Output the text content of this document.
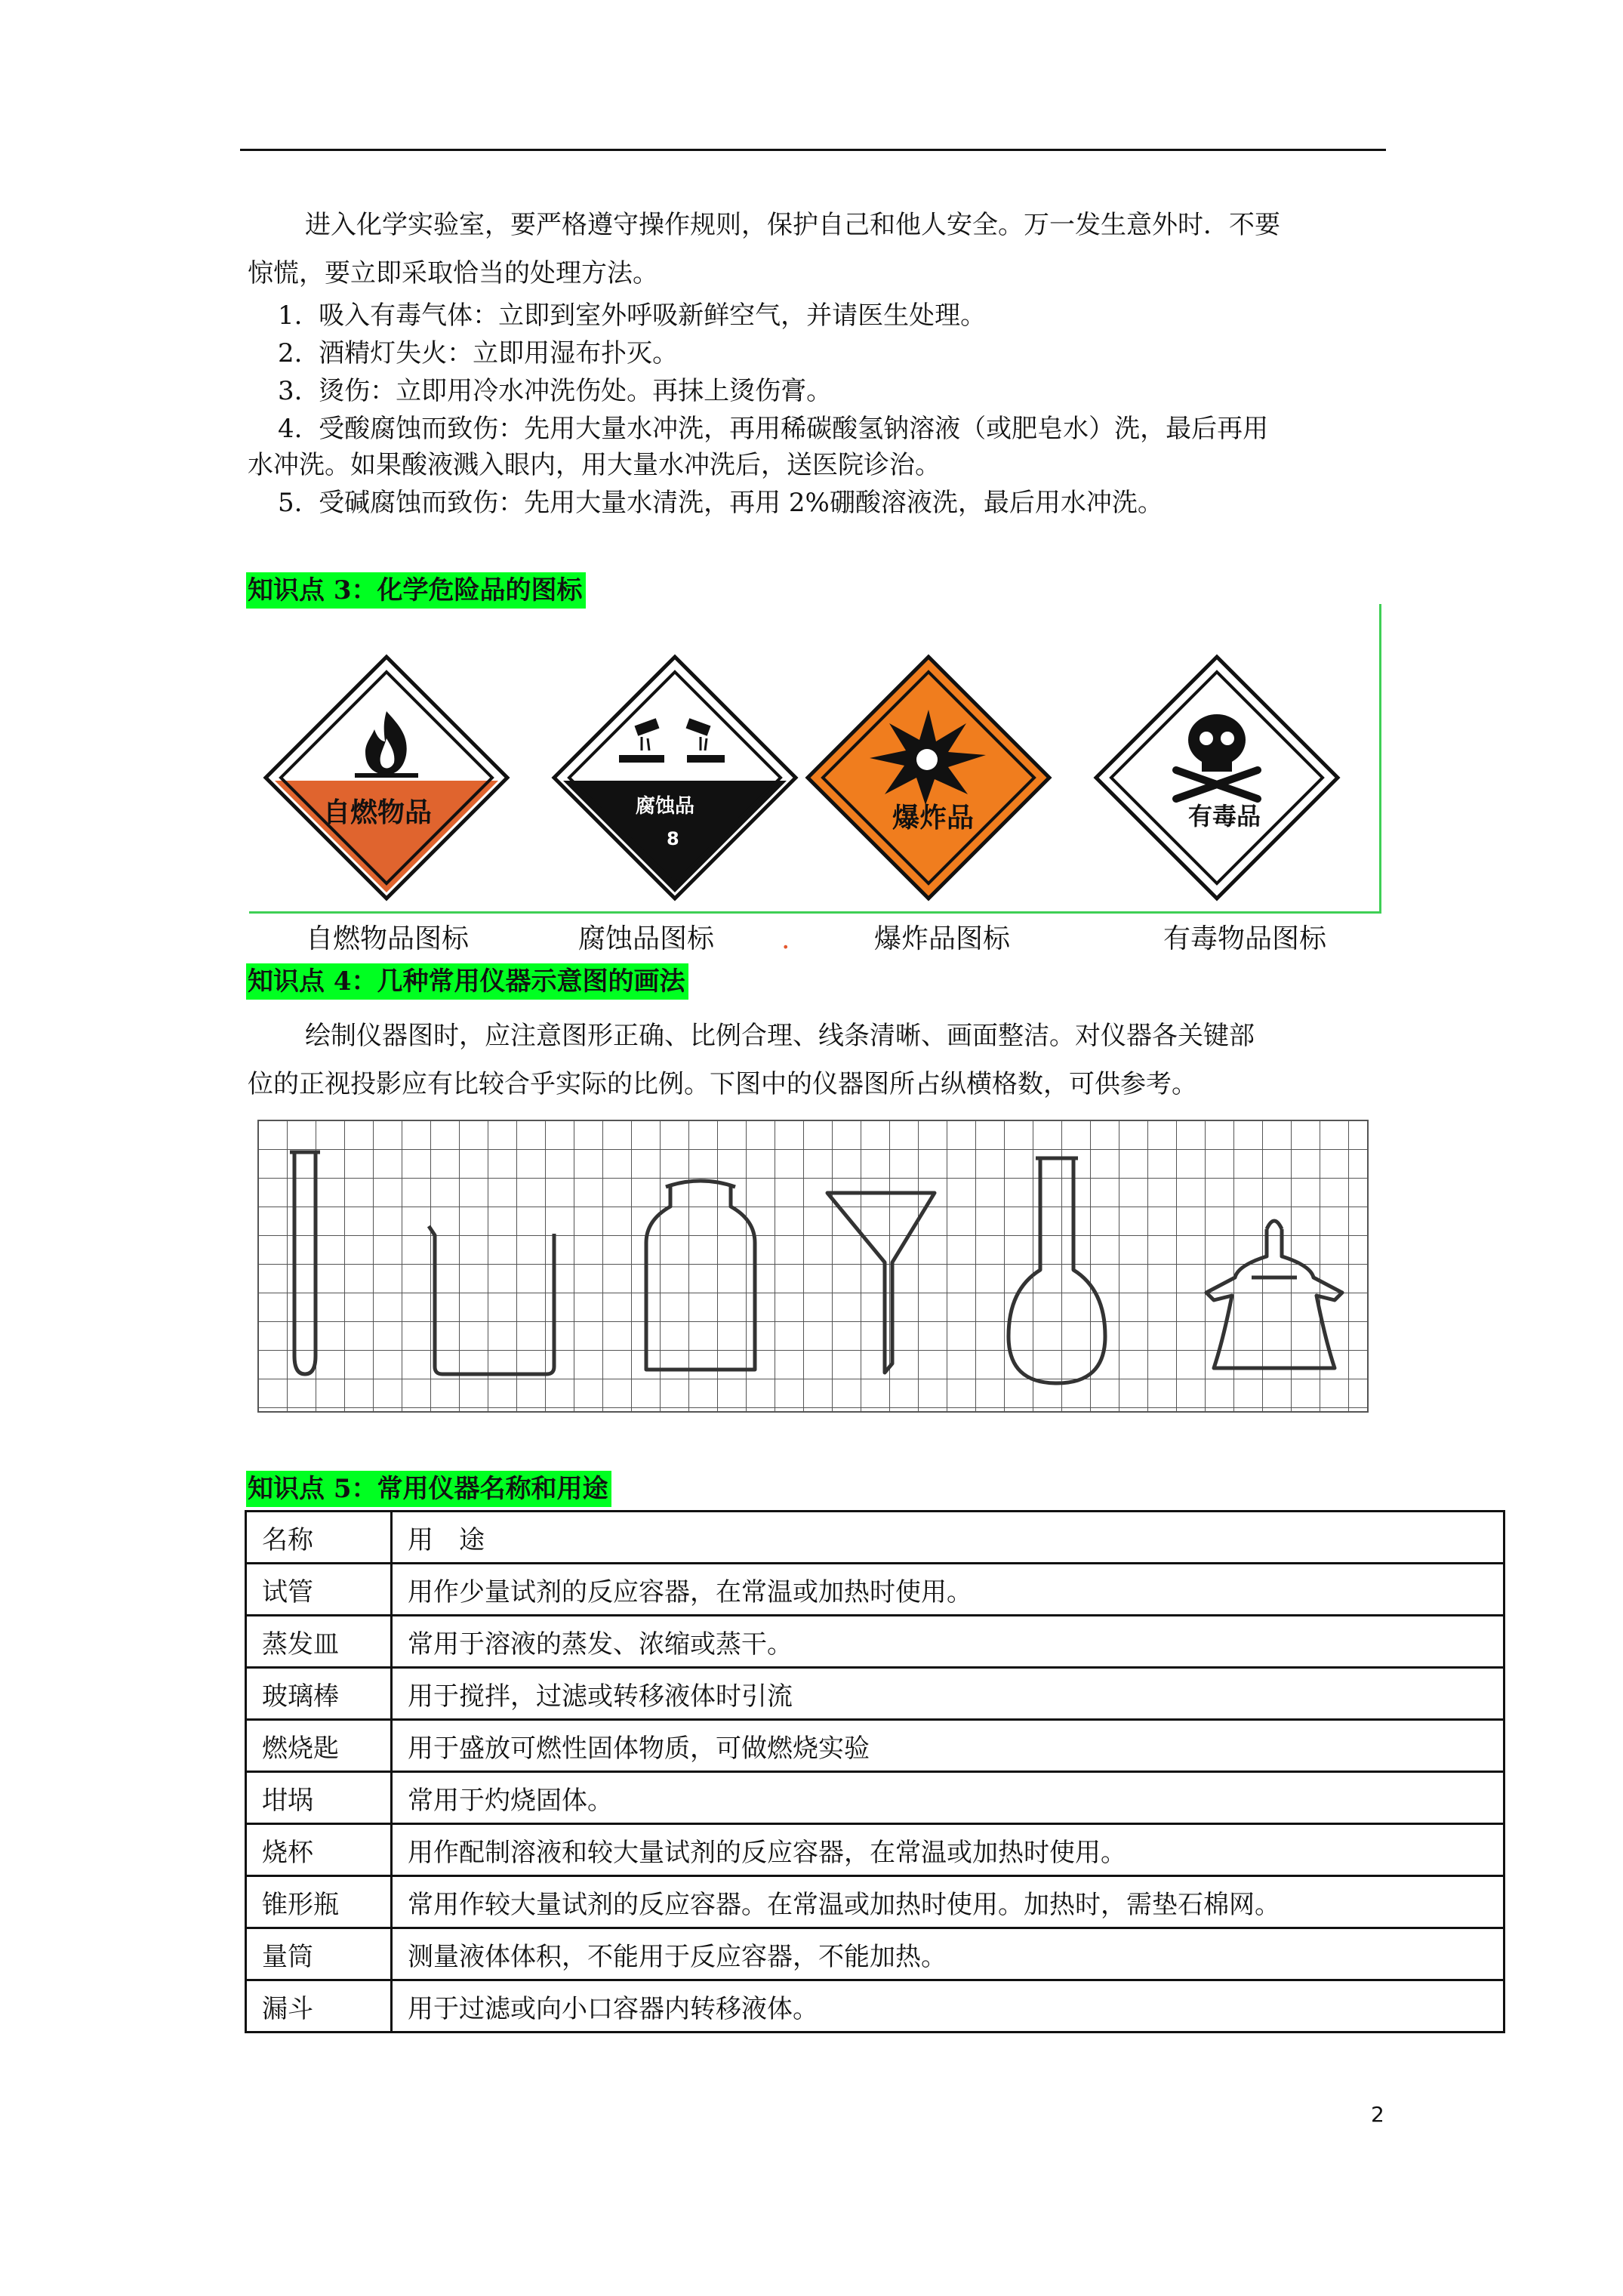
进入化学实验室，要严格遵守操作规则，保护自己和他人安全。万一发生意外时．不要
惊慌，要立即采取恰当的处理方法。
1. 吸入有毒气体：立即到室外呼吸新鲜空气，并请医生处理。
2. 酒精灯失火：立即用湿布扑灭。
3. 烫伤：立即用冷水冲洗伤处。再抹上烫伤膏。
4. 受酸腐蚀而致伤：先用大量水冲洗，再用稀碳酸氢钠溶液（或肥皂水）洗，最后再用
水冲洗。如果酸液溅入眼内，用大量水冲洗后，送医院诊治。
5. 受碱腐蚀而致伤：先用大量水清洗，再用 2%硼酸溶液洗，最后用水冲洗。
知识点 3：化学危险品的图标
自燃物品	腐蚀品
8
爆炸品	有毒品
自燃物品图标	腐蚀品图标 .	爆炸品图标	有毒物品图标
知识点 4：几种常用仪器示意图的画法
绘制仪器图时，应注意图形正确、比例合理、线条清晰、画面整洁。对仪器各关键部
位的正视投影应有比较合乎实际的比例。下图中的仪器图所占纵横格数，可供参考。
知识点 5：常用仪器名称和用途
名称	用　途
试管	用作少量试剂的反应容器，在常温或加热时使用。
蒸发皿	常用于溶液的蒸发、浓缩或蒸干。
玻璃棒	用于搅拌，过滤或转移液体时引流
燃烧匙	用于盛放可燃性固体物质，可做燃烧实验
坩埚	常用于灼烧固体。
烧杯	用作配制溶液和较大量试剂的反应容器，在常温或加热时使用。
锥形瓶	常用作较大量试剂的反应容器。在常温或加热时使用。加热时，需垫石棉网。
量筒	测量液体体积，不能用于反应容器，不能加热。
漏斗	用于过滤或向小口容器内转移液体。
2
